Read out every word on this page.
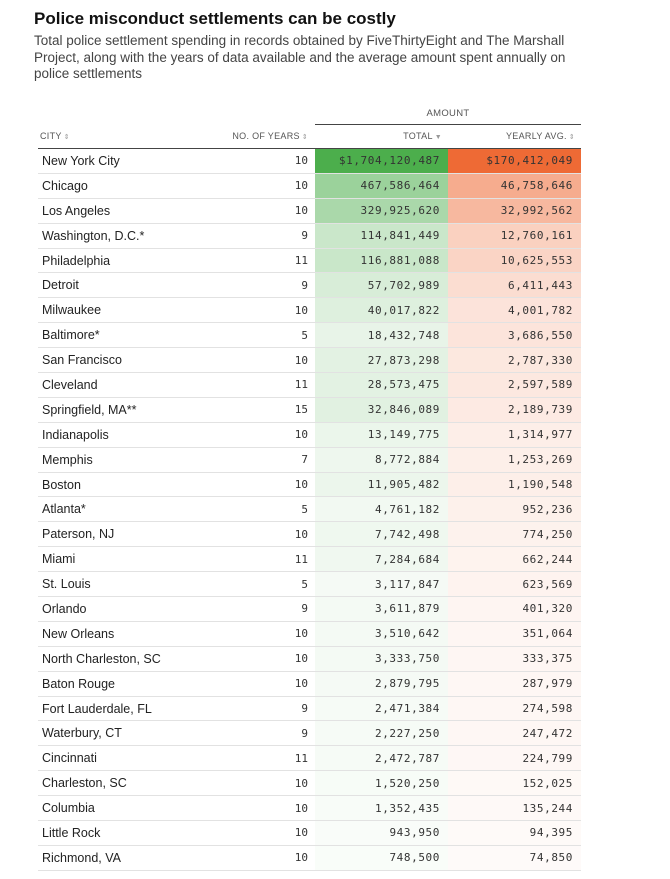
Police misconduct settlements can be costly

Total police settlement spending in records obtained by FiveThirtyEight and The Marshall Project, along with the years of data available and the average amount spent annually on police settlements

AMOUNT
CITY ⇕	NO. OF YEARS ⇕	TOTAL ▼	YEARLY AVG. ⇕
New York City	10	$1,704,120,487	$170,412,049
Chicago	10	467,586,464	46,758,646
Los Angeles	10	329,925,620	32,992,562
Washington, D.C.*	9	114,841,449	12,760,161
Philadelphia	11	116,881,088	10,625,553
Detroit	9	57,702,989	6,411,443
Milwaukee	10	40,017,822	4,001,782
Baltimore*	5	18,432,748	3,686,550
San Francisco	10	27,873,298	2,787,330
Cleveland	11	28,573,475	2,597,589
Springfield, MA**	15	32,846,089	2,189,739
Indianapolis	10	13,149,775	1,314,977
Memphis	7	8,772,884	1,253,269
Boston	10	11,905,482	1,190,548
Atlanta*	5	4,761,182	952,236
Paterson, NJ	10	7,742,498	774,250
Miami	11	7,284,684	662,244
St. Louis	5	3,117,847	623,569
Orlando	9	3,611,879	401,320
New Orleans	10	3,510,642	351,064
North Charleston, SC	10	3,333,750	333,375
Baton Rouge	10	2,879,795	287,979
Fort Lauderdale, FL	9	2,471,384	274,598
Waterbury, CT	9	2,227,250	247,472
Cincinnati	11	2,472,787	224,799
Charleston, SC	10	1,520,250	152,025
Columbia	10	1,352,435	135,244
Little Rock	10	943,950	94,395
Richmond, VA	10	748,500	74,850
